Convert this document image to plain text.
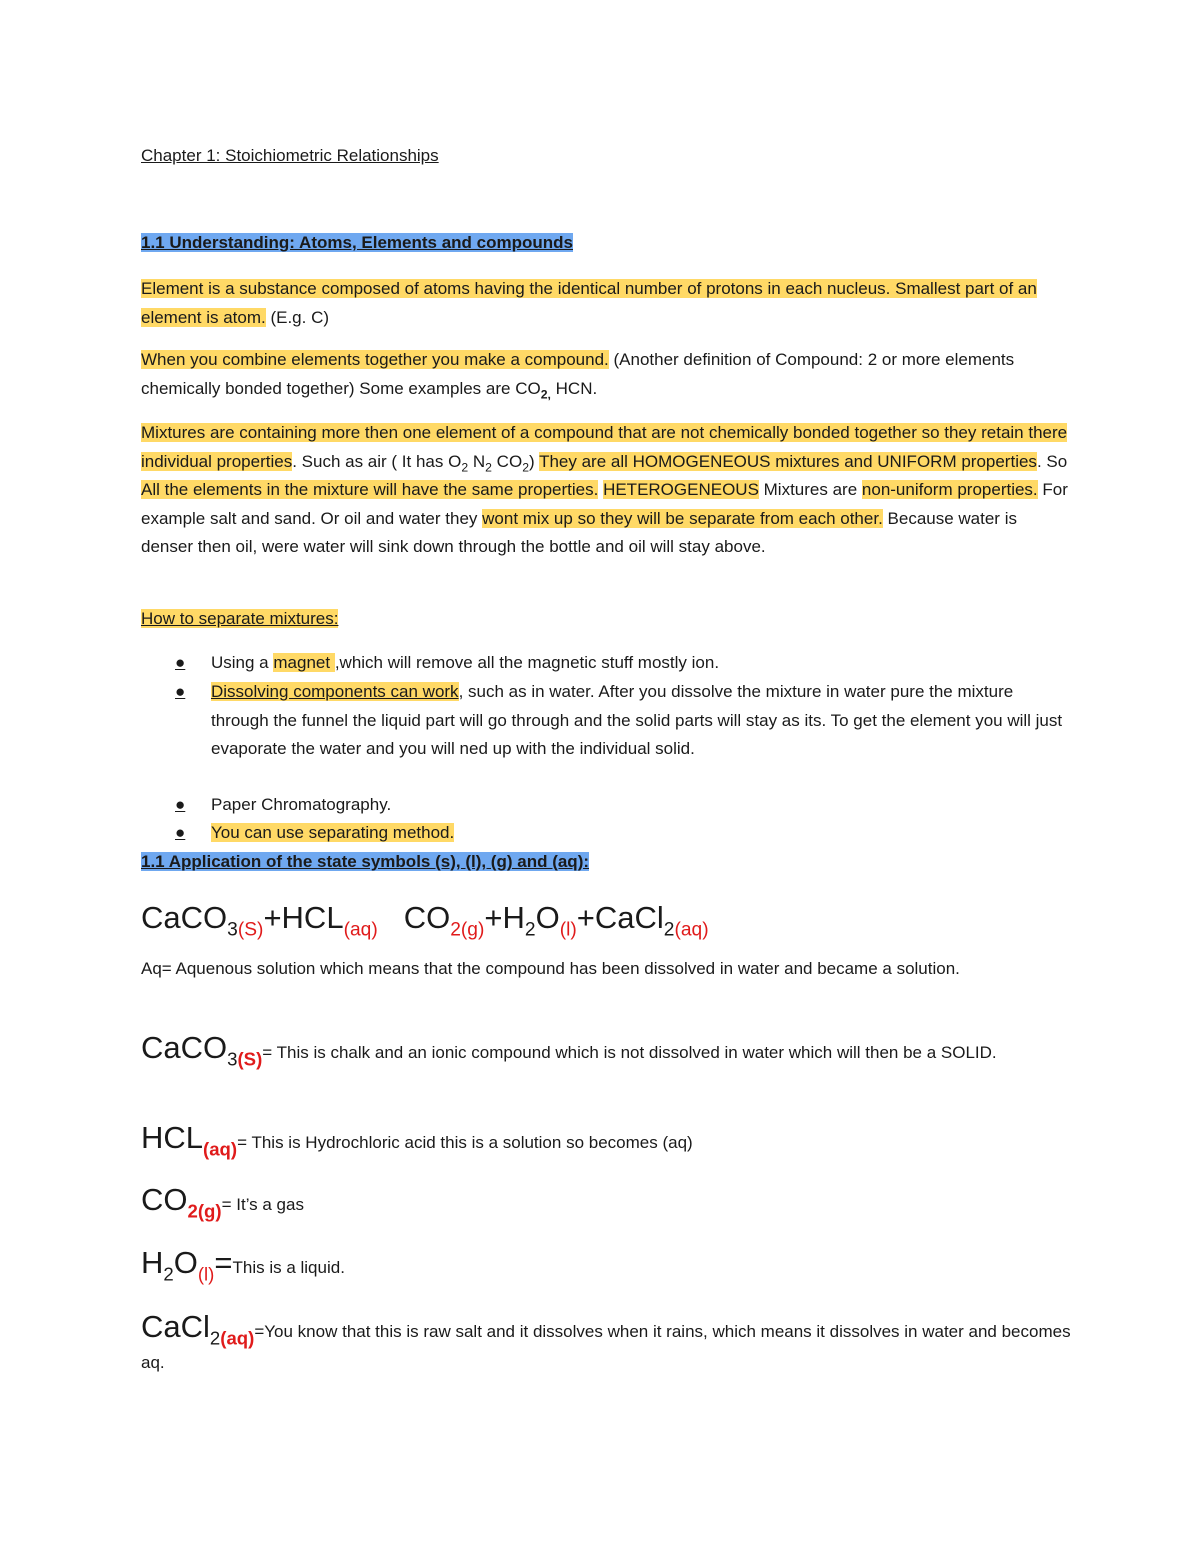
Chapter 1: Stoichiometric Relationships
1.1 Understanding: Atoms, Elements and compounds
Element is a substance composed of atoms having the identical number of protons in each nucleus. Smallest part of an element is atom. (E.g. C)
When you combine elements together you make a compound. (Another definition of Compound: 2 or more elements chemically bonded together) Some examples are $CO_{2,}$ HCN.
Mixtures are containing more then one element of a compound that are not chemically bonded together so they retain there individual properties. Such as air ( It has $O_2$ $N_2$ $CO_2$) They are all HOMOGENEOUS mixtures and UNIFORM properties. So All the elements in the mixture will have the same properties. HETEROGENEOUS Mixtures are non-uniform properties. For example salt and sand. Or oil and water they wont mix up so they will be separate from each other. Because water is denser then oil, were water will sink down through the bottle and oil will stay above.
How to separate mixtures:
●	Using a magnet ,which will remove all the magnetic stuff mostly ion.
●	Dissolving components can work, such as in water. After you dissolve the mixture in water pure the mixture through the funnel the liquid part will go through and the solid parts will stay as its. To get the element you will just evaporate the water and you will ned up with the individual solid.
●	Paper Chromatography.
●	You can use separating method.
1.1 Application of the state symbols (s), (l), (g) and (aq):
$CaCO_{3(S)}+HCL_{(aq)}$ $CO_{2(g)}+H_2O_{(l)}+CaCl_{2(aq)}$
Aq= Aquenous solution which means that the compound has been dissolved in water and became a solution.
CaCO$_{3(S)}$= This is chalk and an ionic compound which is not dissolved in water which will then be a SOLID.
$HCL_{(aq)}=$ This is Hydrochloric acid this is a solution so becomes (aq)
$CO_{2(g)}=$ It’s a gas
$H_2O_{(l)}=This$ is a liquid.
CaCl$_{2(aq)}$=You know that this is raw salt and it dissolves when it rains, which means it dissolves in water and becomes aq.
